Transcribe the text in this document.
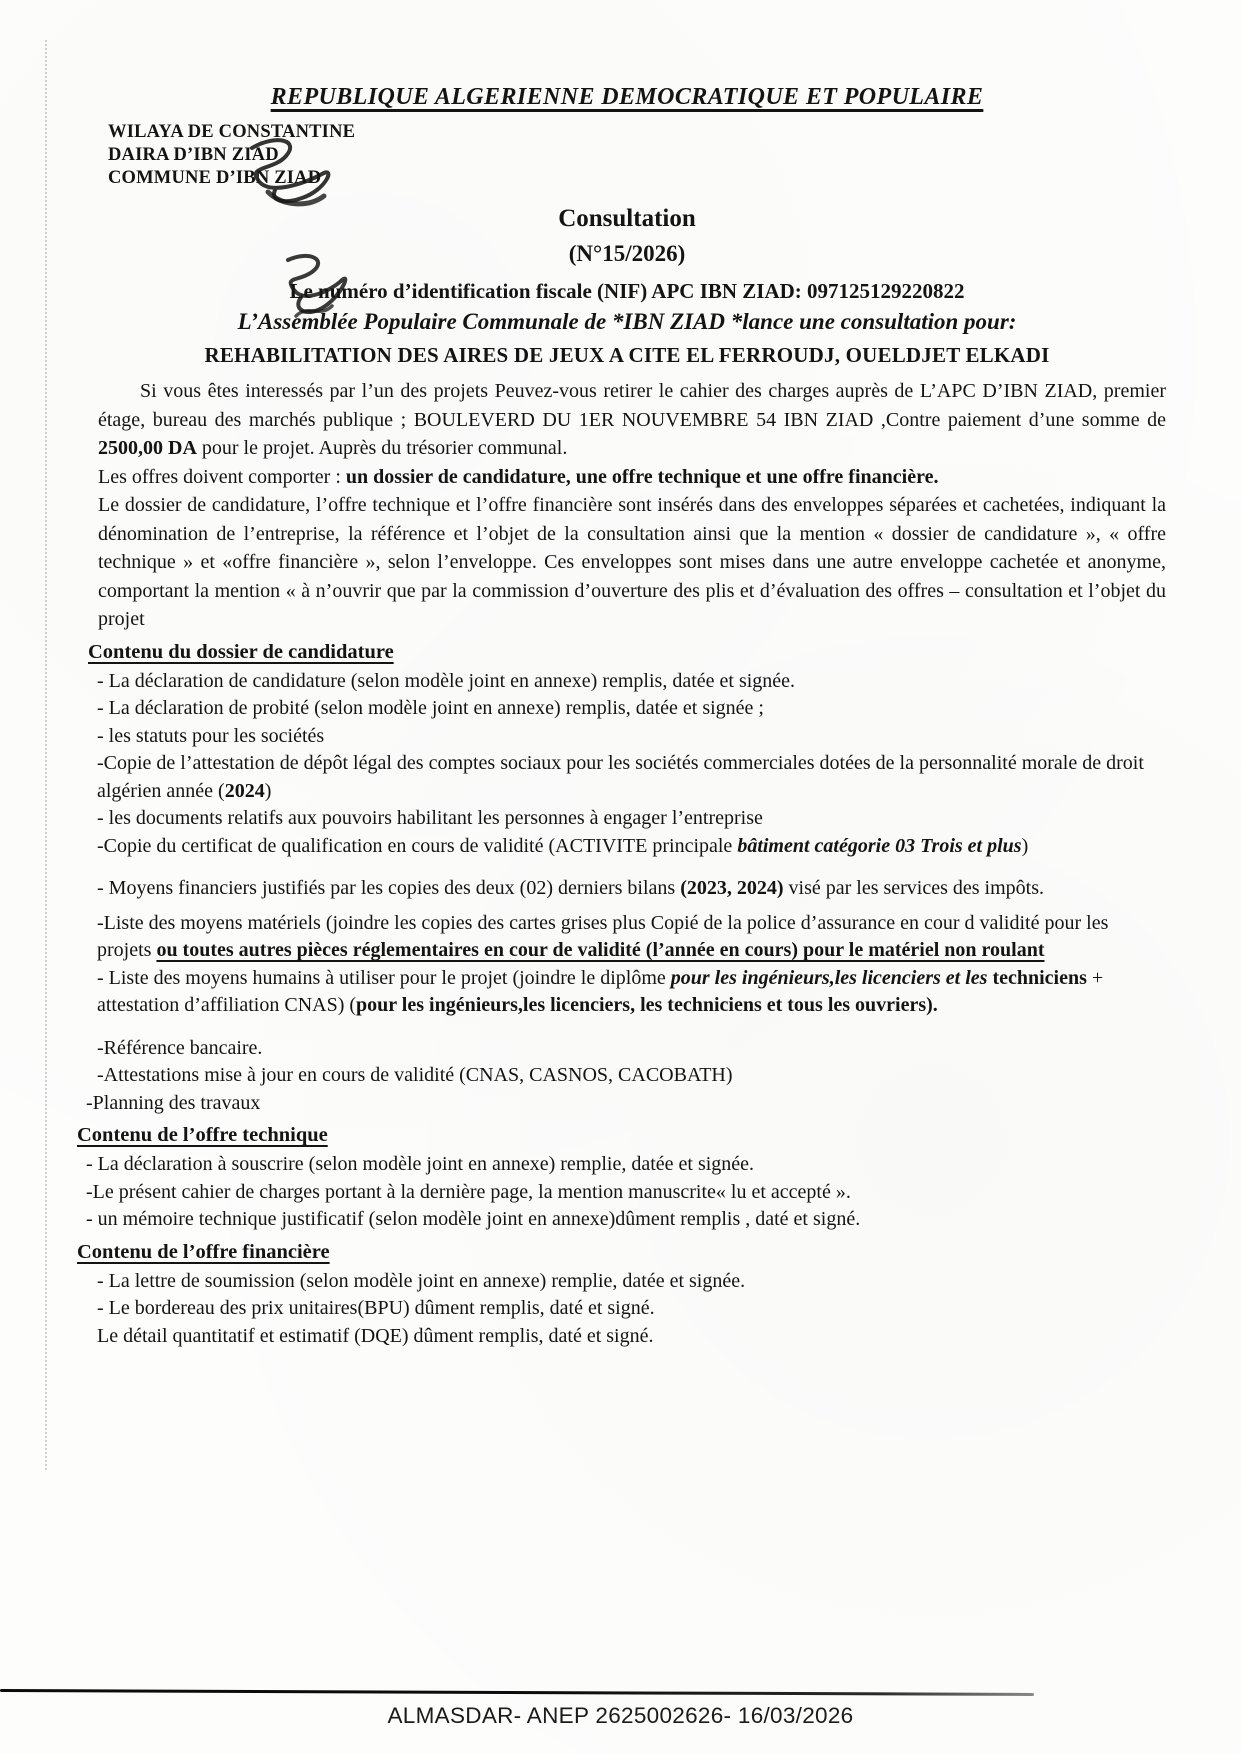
REPUBLIQUE ALGERIENNE DEMOCRATIQUE ET POPULAIRE
WILAYA DE CONSTANTINE
DAIRA D’IBN ZIAD
COMMUNE D’IBN ZIAD
Consultation
(N°15/2026)
Le numéro d’identification fiscale (NIF) APC IBN ZIAD: 097125129220822
L’Assemblée Populaire Communale de *IBN ZIAD *lance une consultation pour:
REHABILITATION DES AIRES DE JEUX A CITE EL FERROUDJ, OUELDJET ELKADI
Si vous êtes interessés par l’un des projets Peuvez-vous retirer le cahier des charges auprès de L’APC D’IBN ZIAD, premier étage, bureau des marchés publique ; BOULEVERD DU 1ER NOUVEMBRE 54 IBN ZIAD ,Contre paiement d’une somme de 2500,00 DA pour le projet. Auprès du trésorier communal.
Les offres doivent comporter : un dossier de candidature, une offre technique et une offre financière.
Le dossier de candidature, l’offre technique et l’offre financière sont insérés dans des enveloppes séparées et cachetées, indiquant la dénomination de l’entreprise, la référence et l’objet de la consultation ainsi que la mention « dossier de candidature », « offre technique » et «offre financière », selon l’enveloppe. Ces enveloppes sont mises dans une autre enveloppe cachetée et anonyme, comportant la mention « à n’ouvrir que par la commission d’ouverture des plis et d’évaluation des offres – consultation et l’objet du projet
Contenu du dossier de candidature
- La déclaration de candidature (selon modèle joint en annexe) remplis, datée et signée.
- La déclaration de probité (selon modèle joint en annexe) remplis, datée et signée ;
- les statuts pour les sociétés
-Copie de l’attestation de dépôt légal des comptes sociaux pour les sociétés commerciales dotées de la personnalité morale de droit algérien année (2024)
- les documents relatifs aux pouvoirs habilitant les personnes à engager l’entreprise
-Copie du certificat de qualification en cours de validité (ACTIVITE principale bâtiment catégorie 03 Trois et plus)
- Moyens financiers justifiés par les copies des deux (02) derniers bilans (2023, 2024) visé par les services des impôts.
-Liste des moyens matériels (joindre les copies des cartes grises plus Copié de la police d’assurance en cour d validité pour les projets ou toutes autres pièces réglementaires en cour de validité (l’année en cours) pour le matériel non roulant
- Liste des moyens humains à utiliser pour le projet (joindre le diplôme pour les ingénieurs,les licenciers et les techniciens + attestation d’affiliation CNAS) (pour les ingénieurs,les licenciers, les techniciens et tous les ouvriers).
-Référence bancaire.
-Attestations mise à jour en cours de validité (CNAS, CASNOS, CACOBATH)
-Planning des travaux
Contenu de l’offre technique
- La déclaration à souscrire (selon modèle joint en annexe) remplie, datée et signée.
-Le présent cahier de charges portant à la dernière page, la mention manuscrite« lu et accepté ».
- un mémoire technique justificatif (selon modèle joint en annexe)dûment remplis , daté et signé.
Contenu de l’offre financière
- La lettre de soumission (selon modèle joint en annexe) remplie, datée et signée.
- Le bordereau des prix unitaires(BPU) dûment remplis, daté et signé.
Le détail quantitatif et estimatif (DQE) dûment remplis, daté et signé.
ALMASDAR- ANEP 2625002626- 16/03/2026
